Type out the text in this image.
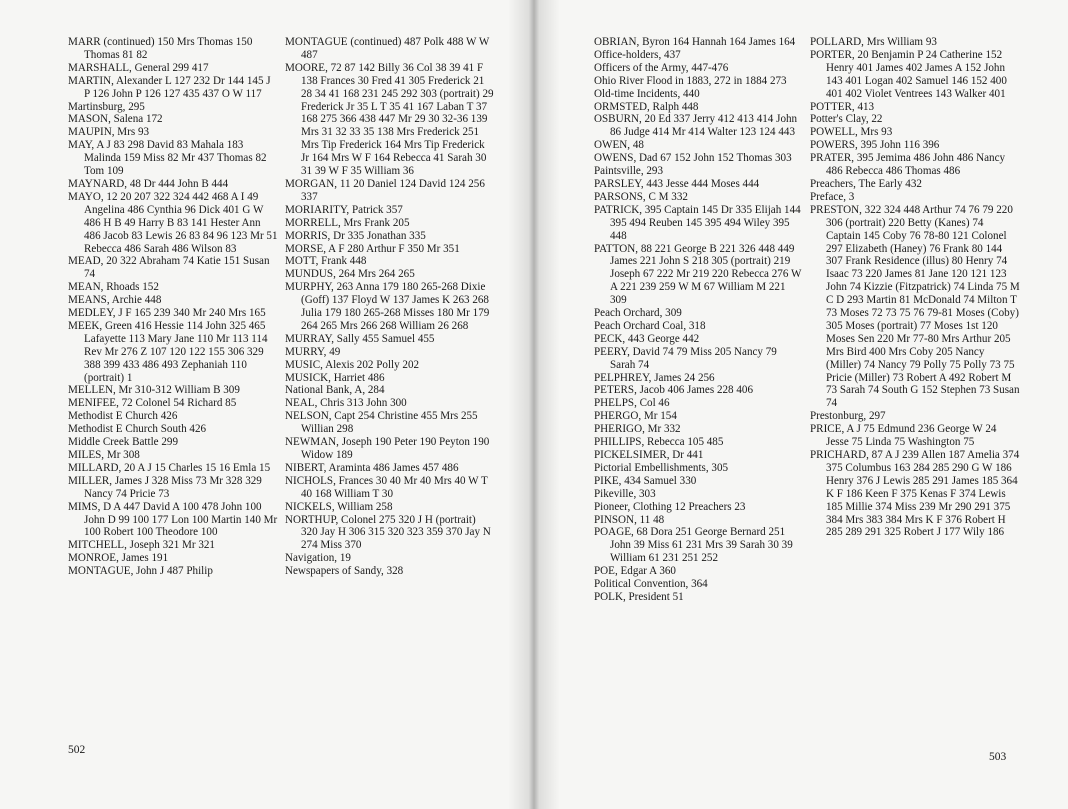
MARR (continued) 150 Mrs Thomas 150 Thomas 81 82

MARSHALL, General 299 417

MARTIN, Alexander L 127 232 Dr 144 145 J P 126 John P 126 127 435 437 O W 117

Martinsburg, 295

MASON, Salena 172

MAUPIN, Mrs 93

MAY, A J 83 298 David 83 Mahala 183 Malinda 159 Miss 82 Mr 437 Thomas 82 Tom 109

MAYNARD, 48 Dr 444 John B 444

MAYO, 12 20 207 322 324 442 468 A I 49 Angelina 486 Cynthia 96 Dick 401 G W 486 H B 49 Harry B 83 141 Hester Ann 486 Jacob 83 Lewis 26 83 84 96 123 Mr 51 Rebecca 486 Sarah 486 Wilson 83

MEAD, 20 322 Abraham 74 Katie 151 Susan 74

MEAN, Rhoads 152

MEANS, Archie 448

MEDLEY, J F 165 239 340 Mr 240 Mrs 165

MEEK, Green 416 Hessie 114 John 325 465 Lafayette 113 Mary Jane 110 Mr 113 114 Rev Mr 276 Z 107 120 122 155 306 329 388 399 433 486 493 Zephaniah 110 (portrait) 1

MELLEN, Mr 310-312 William B 309

MENIFEE, 72 Colonel 54 Richard 85

Methodist E Church 426

Methodist E Church South 426

Middle Creek Battle 299

MILES, Mr 308

MILLARD, 20 A J 15 Charles 15 16 Emla 15

MILLER, James J 328 Miss 73 Mr 328 329 Nancy 74 Pricie 73

MIMS, D A 447 David A 100 478 John 100 John D 99 100 177 Lon 100 Martin 140 Mr 100 Robert 100 Theodore 100

MITCHELL, Joseph 321 Mr 321

MONROE, James 191

MONTAGUE, John J 487 Philip

MONTAGUE (continued) 487 Polk 488 W W 487

MOORE, 72 87 142 Billy 36 Col 38 39 41 F 138 Frances 30 Fred 41 305 Frederick 21 28 34 41 168 231 245 292 303 (portrait) 29 Frederick Jr 35 L T 35 41 167 Laban T 37 168 275 366 438 447 Mr 29 30 32-36 139 Mrs 31 32 33 35 138 Mrs Frederick 251 Mrs Tip Frederick 164 Mrs Tip Frederick Jr 164 Mrs W F 164 Rebecca 41 Sarah 30 31 39 W F 35 William 36

MORGAN, 11 20 Daniel 124 David 124 256 337

MORIARITY, Patrick 357

MORRELL, Mrs Frank 205

MORRIS, Dr 335 Jonathan 335

MORSE, A F 280 Arthur F 350 Mr 351

MOTT, Frank 448

MUNDUS, 264 Mrs 264 265

MURPHY, 263 Anna 179 180 265-268 Dixie (Goff) 137 Floyd W 137 James K 263 268 Julia 179 180 265-268 Misses 180 Mr 179 264 265 Mrs 266 268 William 26 268

MURRAY, Sally 455 Samuel 455

MURRY, 49

MUSIC, Alexis 202 Polly 202

MUSICK, Harriet 486

National Bank, A, 284

NEAL, Chris 313 John 300

NELSON, Capt 254 Christine 455 Mrs 255 Willian 298

NEWMAN, Joseph 190 Peter 190 Peyton 190 Widow 189

NIBERT, Araminta 486 James 457 486

NICHOLS, Frances 30 40 Mr 40 Mrs 40 W T 40 168 William T 30

NICKELS, William 258

NORTHUP, Colonel 275 320 J H (portrait) 320 Jay H 306 315 320 323 359 370 Jay N 274 Miss 370

Navigation, 19

Newspapers of Sandy, 328

502

OBRIAN, Byron 164 Hannah 164 James 164

Office-holders, 437

Officers of the Army, 447-476

Ohio River Flood in 1883, 272 in 1884 273

Old-time Incidents, 440

ORMSTED, Ralph 448

OSBURN, 20 Ed 337 Jerry 412 413 414 John 86 Judge 414 Mr 414 Walter 123 124 443

OWEN, 48

OWENS, Dad 67 152 John 152 Thomas 303

Paintsville, 293

PARSLEY, 443 Jesse 444 Moses 444

PARSONS, C M 332

PATRICK, 395 Captain 145 Dr 335 Elijah 144 395 494 Reuben 145 395 494 Wiley 395 448

PATTON, 88 221 George B 221 326 448 449 James 221 John S 218 305 (portrait) 219 Joseph 67 222 Mr 219 220 Rebecca 276 W A 221 239 259 W M 67 William M 221 309

Peach Orchard, 309

Peach Orchard Coal, 318

PECK, 443 George 442

PEERY, David 74 79 Miss 205 Nancy 79 Sarah 74

PELPHREY, James 24 256

PETERS, Jacob 406 James 228 406

PHELPS, Col 46

PHERGO, Mr 154

PHERIGO, Mr 332

PHILLIPS, Rebecca 105 485

PICKELSIMER, Dr 441

Pictorial Embellishments, 305

PIKE, 434 Samuel 330

Pikeville, 303

Pioneer, Clothing 12 Preachers 23

PINSON, 11 48

POAGE, 68 Dora 251 George Bernard 251 John 39 Miss 61 231 Mrs 39 Sarah 30 39 William 61 231 251 252

POE, Edgar A 360

Political Convention, 364

POLK, President 51

POLLARD, Mrs William 93

PORTER, 20 Benjamin P 24 Catherine 152 Henry 401 James 402 James A 152 John 143 401 Logan 402 Samuel 146 152 400 401 402 Violet Ventrees 143 Walker 401

POTTER, 413

Potter's Clay, 22

POWELL, Mrs 93

POWERS, 395 John 116 396

PRATER, 395 Jemima 486 John 486 Nancy 486 Rebecca 486 Thomas 486

Preachers, The Early 432

Preface, 3

PRESTON, 322 324 448 Arthur 74 76 79 220 306 (portrait) 220 Betty (Kanes) 74 Captain 145 Coby 76 78-80 121 Colonel 297 Elizabeth (Haney) 76 Frank 80 144 307 Frank Residence (illus) 80 Henry 74 Isaac 73 220 James 81 Jane 120 121 123 John 74 Kizzie (Fitzpatrick) 74 Linda 75 M C D 293 Martin 81 McDonald 74 Milton T 73 Moses 72 73 75 76 79-81 Moses (Coby) 305 Moses (portrait) 77 Moses 1st 120 Moses Sen 220 Mr 77-80 Mrs Arthur 205 Mrs Bird 400 Mrs Coby 205 Nancy (Miller) 74 Nancy 79 Polly 75 Polly 73 75 Pricie (Miller) 73 Robert A 492 Robert M 73 Sarah 74 South G 152 Stephen 73 Susan 74

Prestonburg, 297

PRICE, A J 75 Edmund 236 George W 24 Jesse 75 Linda 75 Washington 75

PRICHARD, 87 A J 239 Allen 187 Amelia 374 375 Columbus 163 284 285 290 G W 186 Henry 376 J Lewis 285 291 James 185 364 K F 186 Keen F 375 Kenas F 374 Lewis 185 Millie 374 Miss 239 Mr 290 291 375 384 Mrs 383 384 Mrs K F 376 Robert H 285 289 291 325 Robert J 177 Wily 186

503
